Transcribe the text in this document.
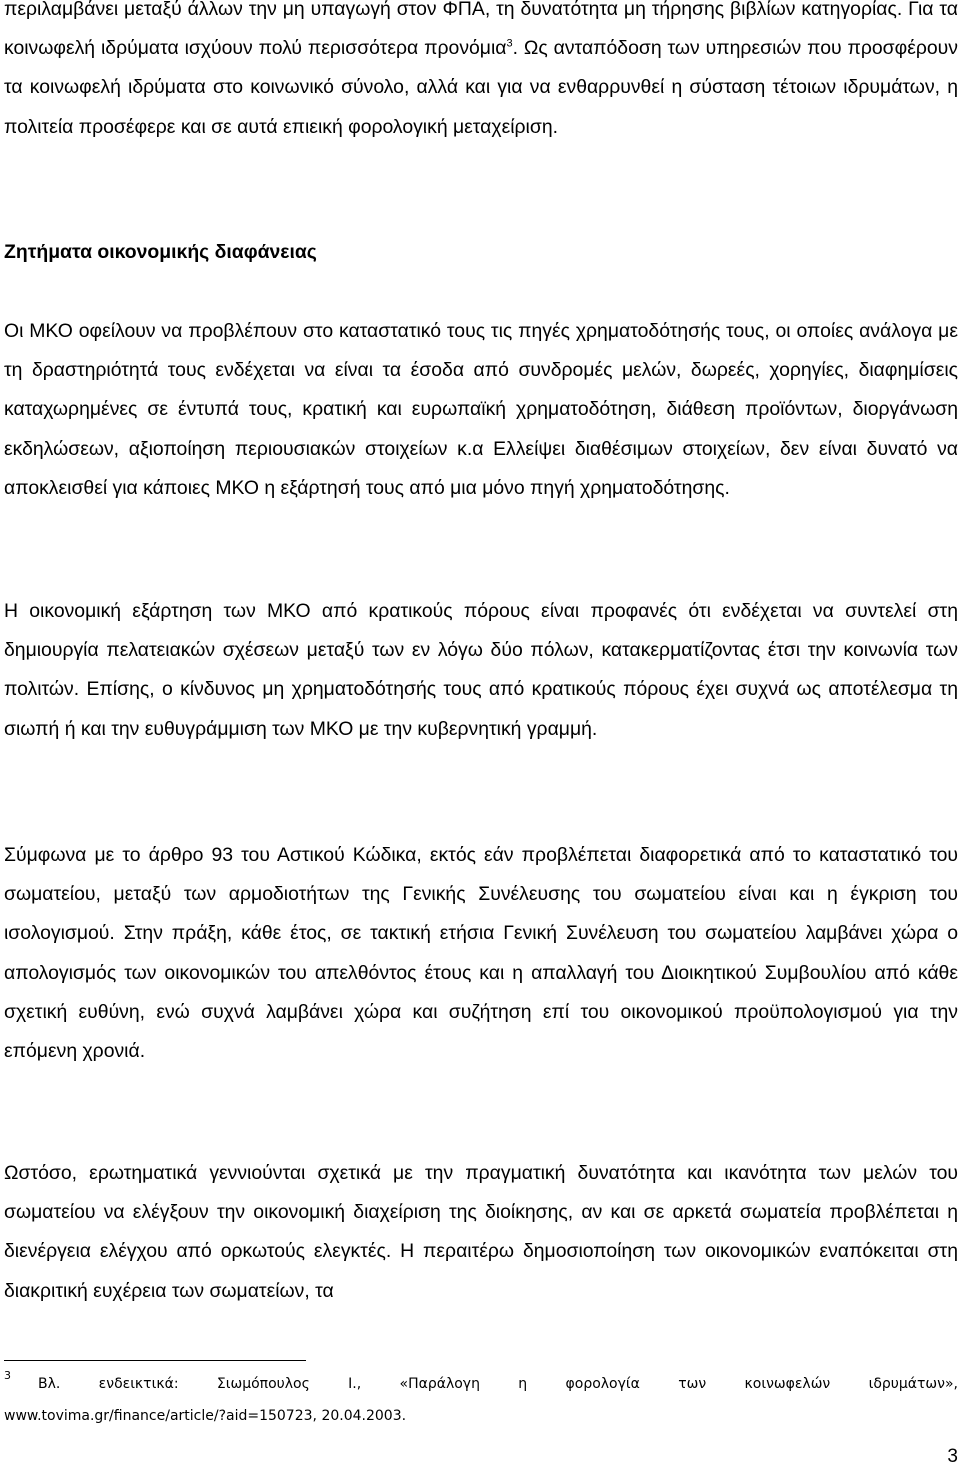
περιλαμβάνει μεταξύ άλλων την μη υπαγωγή στον ΦΠΑ, τη δυνατότητα μη τήρησης βιβλίων κατηγορίας. Για τα κοινωφελή ιδρύματα ισχύουν πολύ περισσότερα προνόμια$^3$. Ως ανταπόδοση των υπηρεσιών που προσφέρουν τα κοινωφελή ιδρύματα στο κοινωνικό σύνολο, αλλά και για να ενθαρρυνθεί η σύσταση τέτοιων ιδρυμάτων, η πολιτεία προσέφερε και σε αυτά επιεική φορολογική μεταχείριση.

Ζητήματα οικονομικής διαφάνειας

Οι ΜΚΟ οφείλουν να προβλέπουν στο καταστατικό τους τις πηγές χρηματοδότησής τους, οι οποίες ανάλογα με τη δραστηριότητά τους ενδέχεται να είναι τα έσοδα από συνδρομές μελών, δωρεές, χορηγίες, διαφημίσεις καταχωρημένες σε έντυπά τους, κρατική και ευρωπαϊκή χρηματοδότηση, διάθεση προϊόντων, διοργάνωση εκδηλώσεων, αξιοποίηση περιουσιακών στοιχείων κ.α Ελλείψει διαθέσιμων στοιχείων, δεν είναι δυνατό να αποκλεισθεί για κάποιες ΜΚΟ η εξάρτησή τους από μια μόνο πηγή χρηματοδότησης.

Η οικονομική εξάρτηση των ΜΚΟ από κρατικούς πόρους είναι προφανές ότι ενδέχεται να συντελεί στη δημιουργία πελατειακών σχέσεων μεταξύ των εν λόγω δύο πόλων, κατακερματίζοντας έτσι την κοινωνία των πολιτών. Επίσης, ο κίνδυνος μη χρηματοδότησής τους από κρατικούς πόρους έχει συχνά ως αποτέλεσμα τη σιωπή ή και την ευθυγράμμιση των ΜΚΟ με την κυβερνητική γραμμή.

Σύμφωνα με το άρθρο 93 του Αστικού Κώδικα, εκτός εάν προβλέπεται διαφορετικά από το καταστατικό του σωματείου, μεταξύ των αρμοδιοτήτων της Γενικής Συνέλευσης του σωματείου είναι και η έγκριση του ισολογισμού. Στην πράξη, κάθε έτος, σε τακτική ετήσια Γενική Συνέλευση του σωματείου λαμβάνει χώρα ο απολογισμός των οικονομικών του απελθόντος έτους και η απαλλαγή του Διοικητικού Συμβουλίου από κάθε σχετική ευθύνη, ενώ συχνά λαμβάνει χώρα και συζήτηση επί του οικονομικού προϋπολογισμού για την επόμενη χρονιά.

Ωστόσο, ερωτηματικά γεννιούνται σχετικά με την πραγματική δυνατότητα και ικανότητα των μελών του σωματείου να ελέγξουν την οικονομική διαχείριση της διοίκησης, αν και σε αρκετά σωματεία προβλέπεται η διενέργεια ελέγχου από ορκωτούς ελεγκτές. Η περαιτέρω δημοσιοποίηση των οικονομικών εναπόκειται στη διακριτική ευχέρεια των σωματείων, τα

3
Βλ. ενδεικτικά: Σιωμόπουλος Ι., «Παράλογη η φορολογία των κοινωφελών ιδρυμάτων»,
www.tovima.gr/finance/article/?aid=150723, 20.04.2003.
3
